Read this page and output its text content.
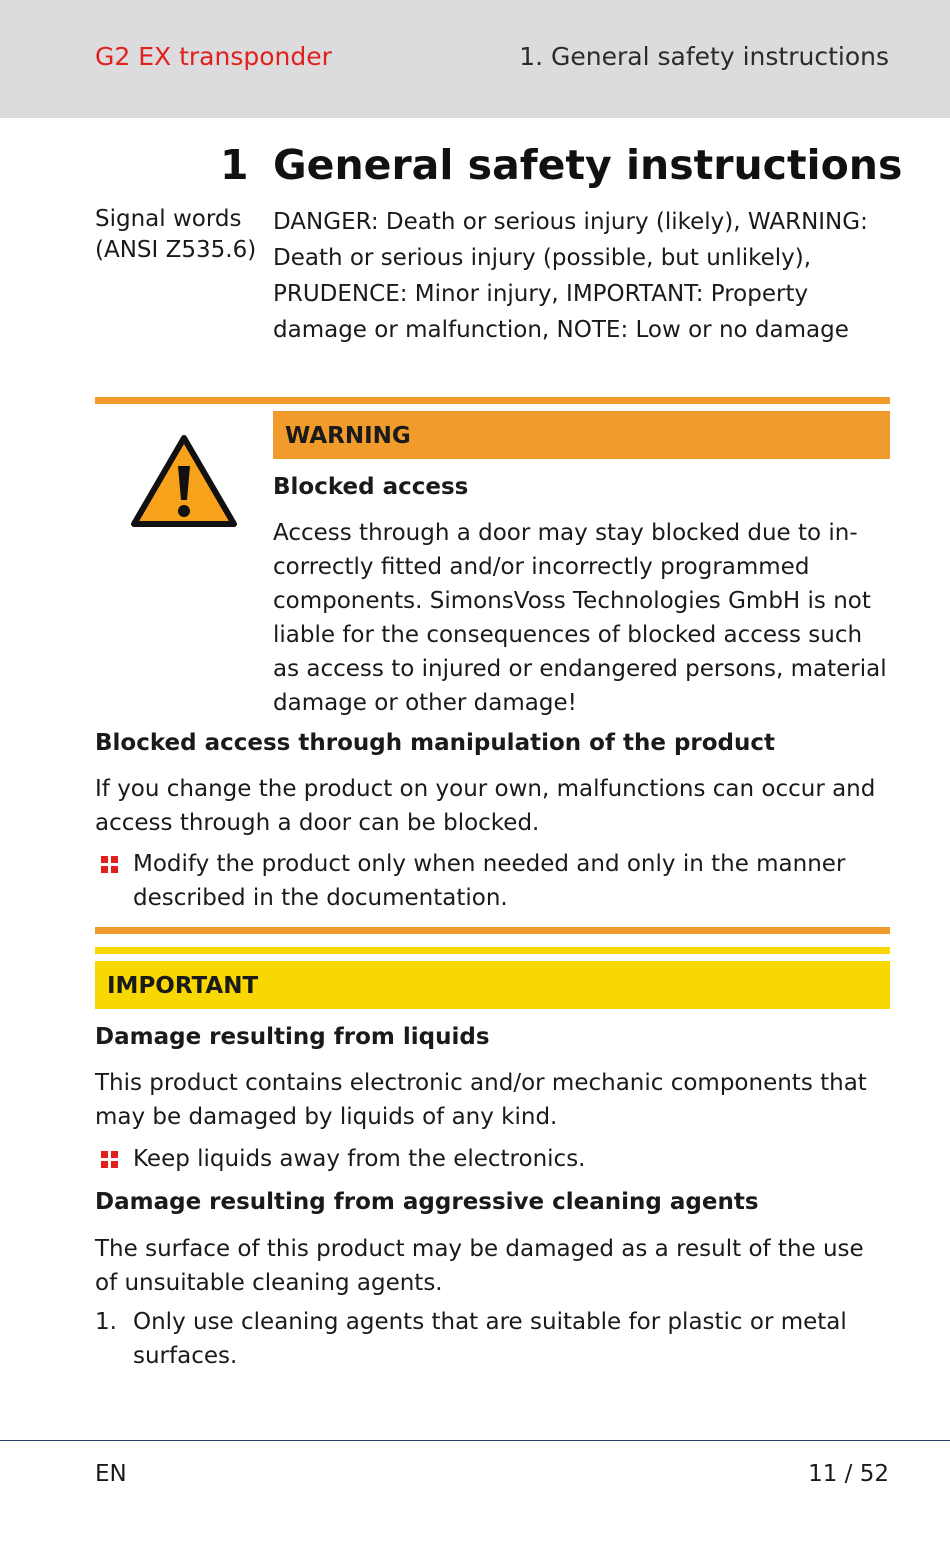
G2 EX transponder	1. General safety instructions
1 General safety instructions
Signal words
(ANSI Z535.6)
DANGER: Death or serious injury (likely), WARNING: Death or serious injury (possible, but unlikely), PRUDENCE: Minor injury, IMPORTANT: Property damage or malfunction, NOTE: Low or no damage
WARNING
Blocked access
Access through a door may stay blocked due to in-correctly fitted and/or incorrectly programmed components. SimonsVoss Technologies GmbH is not liable for the consequences of blocked access such as access to injured or endangered persons, material damage or other damage!
Blocked access through manipulation of the product
If you change the product on your own, malfunctions can occur and access through a door can be blocked.
Modify the product only when needed and only in the manner described in the documentation.
IMPORTANT
Damage resulting from liquids
This product contains electronic and/or mechanic components that may be damaged by liquids of any kind.
Keep liquids away from the electronics.
Damage resulting from aggressive cleaning agents
The surface of this product may be damaged as a result of the use of unsuitable cleaning agents.
1. Only use cleaning agents that are suitable for plastic or metal surfaces.
EN	11 / 52
